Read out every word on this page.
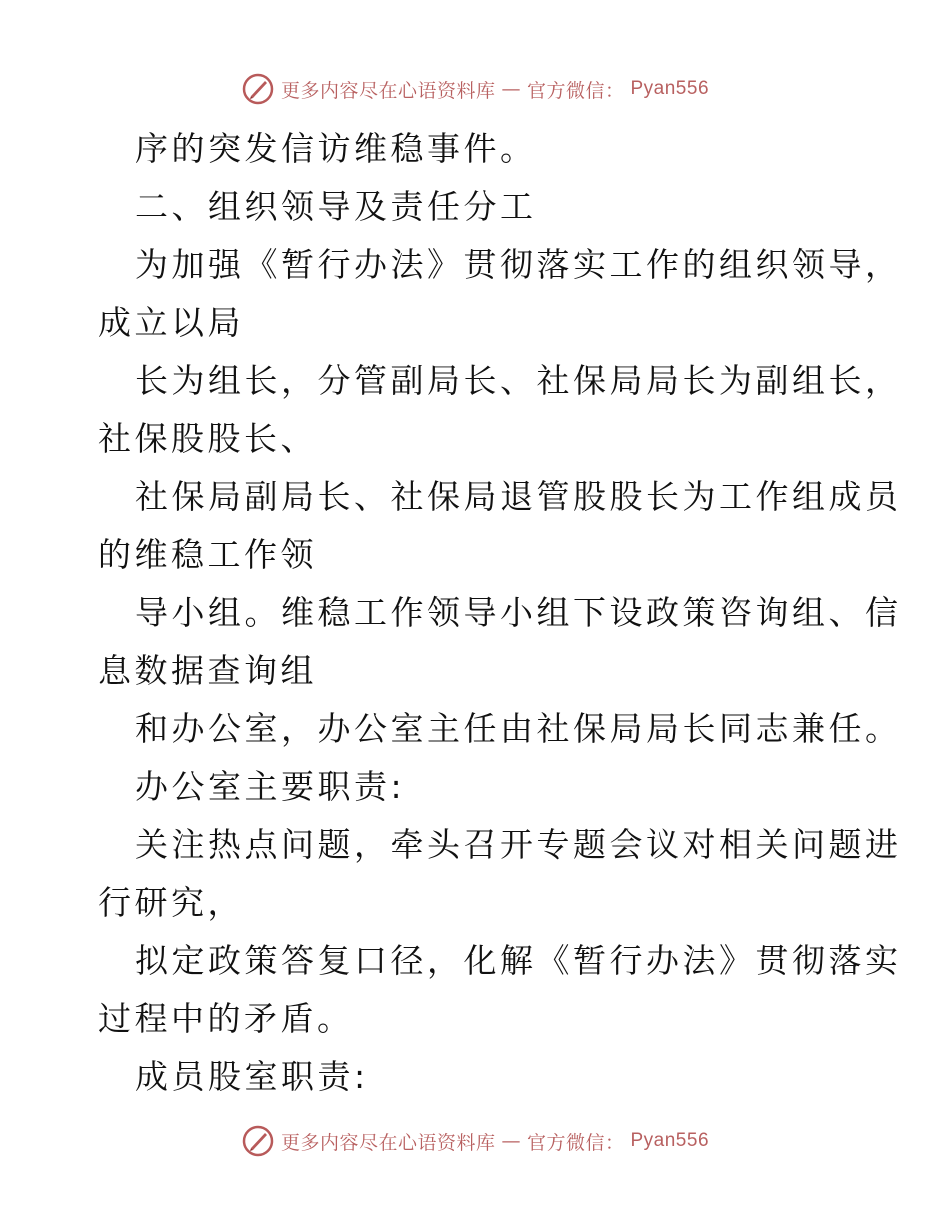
更多内容尽在心语资料库 — 官方微信： Pyan556
序的突发信访维稳事件。
二、组织领导及责任分工
为加强《暂行办法》贯彻落实工作的组织领导，
成立以局
长为组长，分管副局长、社保局局长为副组长，
社保股股长、
社保局副局长、社保局退管股股长为工作组成员
的维稳工作领
导小组。维稳工作领导小组下设政策咨询组、信
息数据查询组
和办公室，办公室主任由社保局局长同志兼任。
办公室主要职责:
关注热点问题，牵头召开专题会议对相关问题进
行研究，
拟定政策答复口径，化解《暂行办法》贯彻落实
过程中的矛盾。
成员股室职责:
更多内容尽在心语资料库 — 官方微信： Pyan556
